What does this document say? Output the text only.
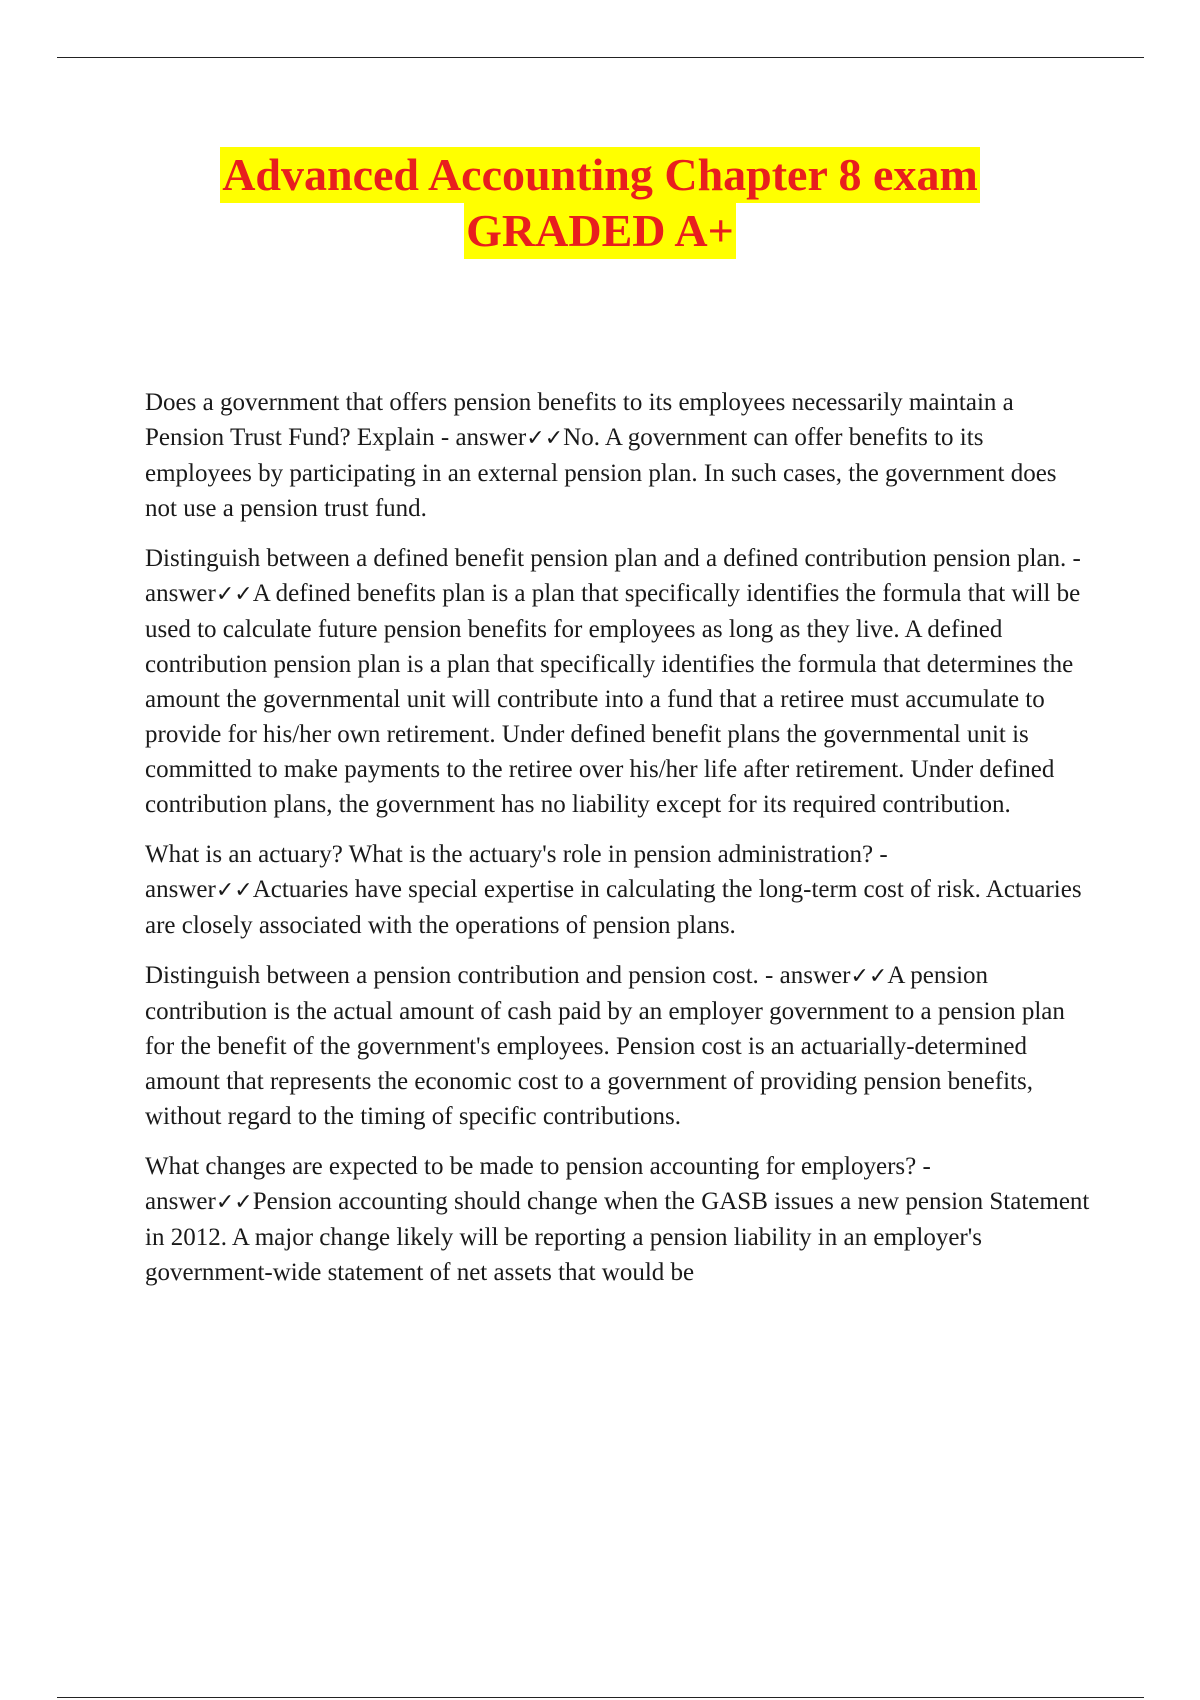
Advanced Accounting Chapter 8 exam
GRADED A+

Does a government that offers pension benefits to its employees necessarily maintain a Pension Trust Fund? Explain - answer✓✓No. A government can offer benefits to its employees by participating in an external pension plan. In such cases, the government does not use a pension trust fund.

Distinguish between a defined benefit pension plan and a defined contribution pension plan. - answer✓✓A defined benefits plan is a plan that specifically identifies the formula that will be used to calculate future pension benefits for employees as long as they live. A defined contribution pension plan is a plan that specifically identifies the formula that determines the amount the governmental unit will contribute into a fund that a retiree must accumulate to provide for his/her own retirement. Under defined benefit plans the governmental unit is committed to make payments to the retiree over his/her life after retirement. Under defined contribution plans, the government has no liability except for its required contribution.

What is an actuary? What is the actuary's role in pension administration? - answer✓✓Actuaries have special expertise in calculating the long-term cost of risk. Actuaries are closely associated with the operations of pension plans.

Distinguish between a pension contribution and pension cost. - answer✓✓A pension contribution is the actual amount of cash paid by an employer government to a pension plan for the benefit of the government's employees. Pension cost is an actuarially-determined amount that represents the economic cost to a government of providing pension benefits, without regard to the timing of specific contributions.

What changes are expected to be made to pension accounting for employers? - answer✓✓Pension accounting should change when the GASB issues a new pension Statement in 2012. A major change likely will be reporting a pension liability in an employer's government-wide statement of net assets that would be
